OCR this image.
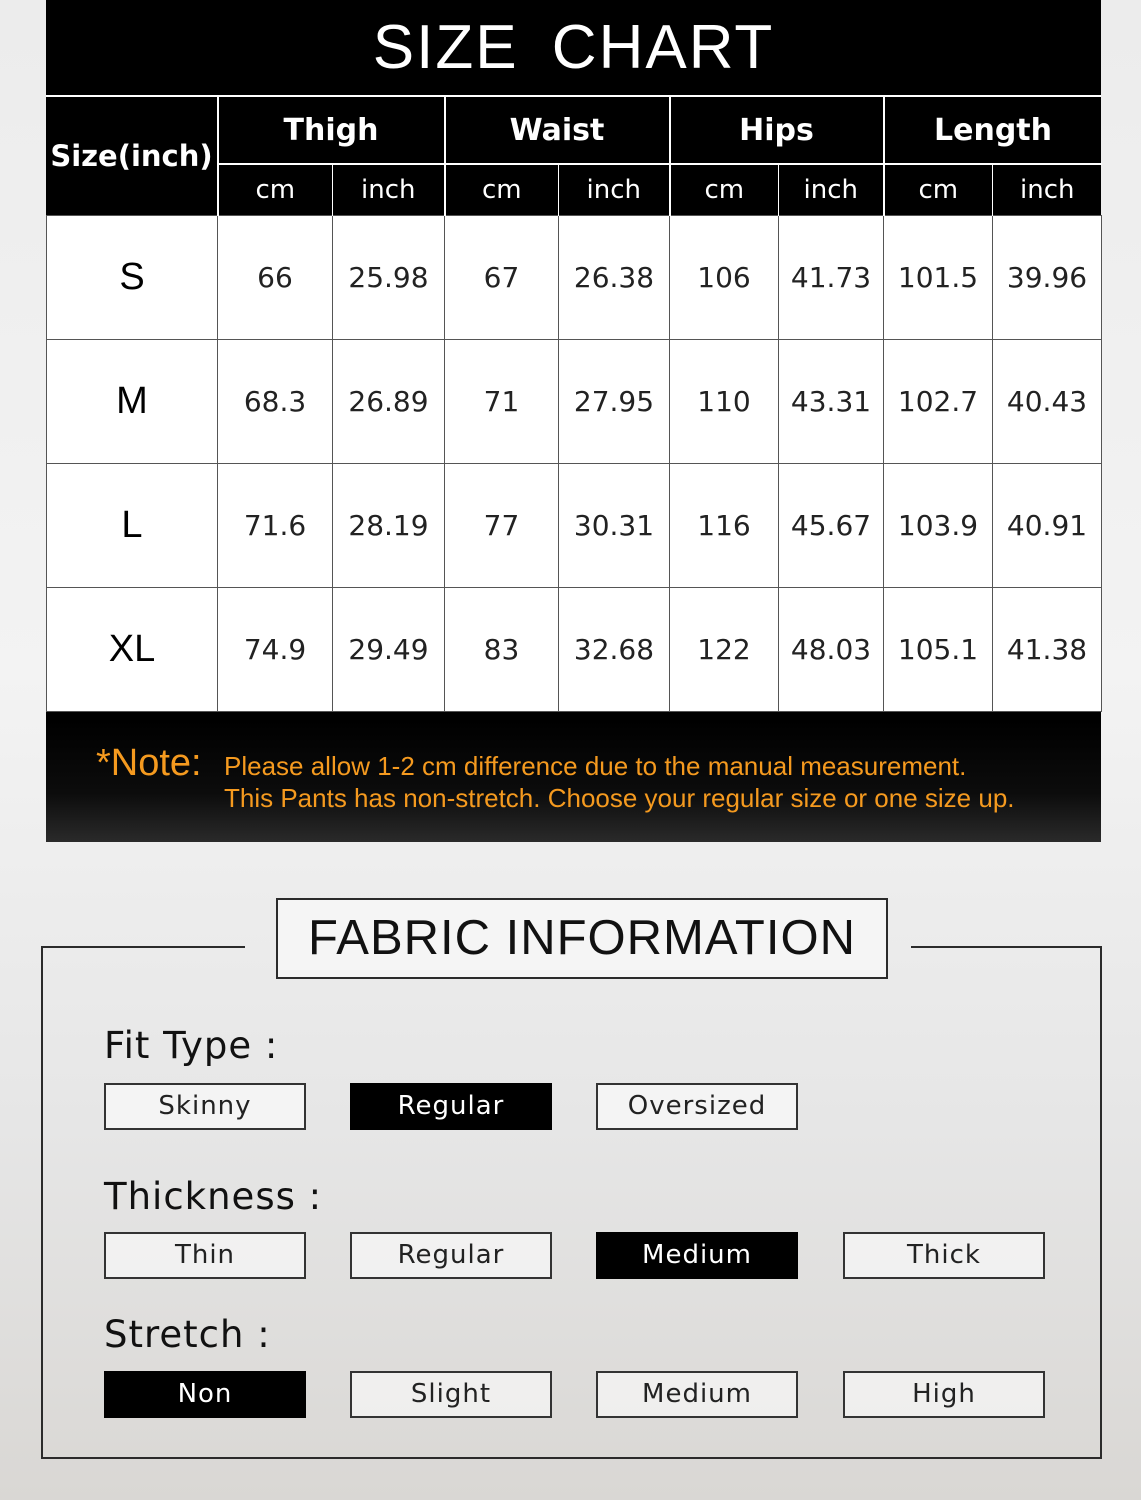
SIZE CHART
Size(inch)	Thigh		Waist		Hips		Length	
	cm	inch	cm	inch	cm	inch	cm	inch
S	66	25.98	67	26.38	106	41.73	101.5	39.96
M	68.3	26.89	71	27.95	110	43.31	102.7	40.43
L	71.6	28.19	77	30.31	116	45.67	103.9	40.91
XL	74.9	29.49	83	32.68	122	48.03	105.1	41.38
*Note: Please allow 1-2 cm difference due to the manual measurement.
This Pants has non-stretch. Choose your regular size or one size up.
FABRIC INFORMATION
Fit Type :
Skinny	Regular	Oversized
Thickness :
Thin	Regular	Medium	Thick
Stretch :
Non	Slight	Medium	High
